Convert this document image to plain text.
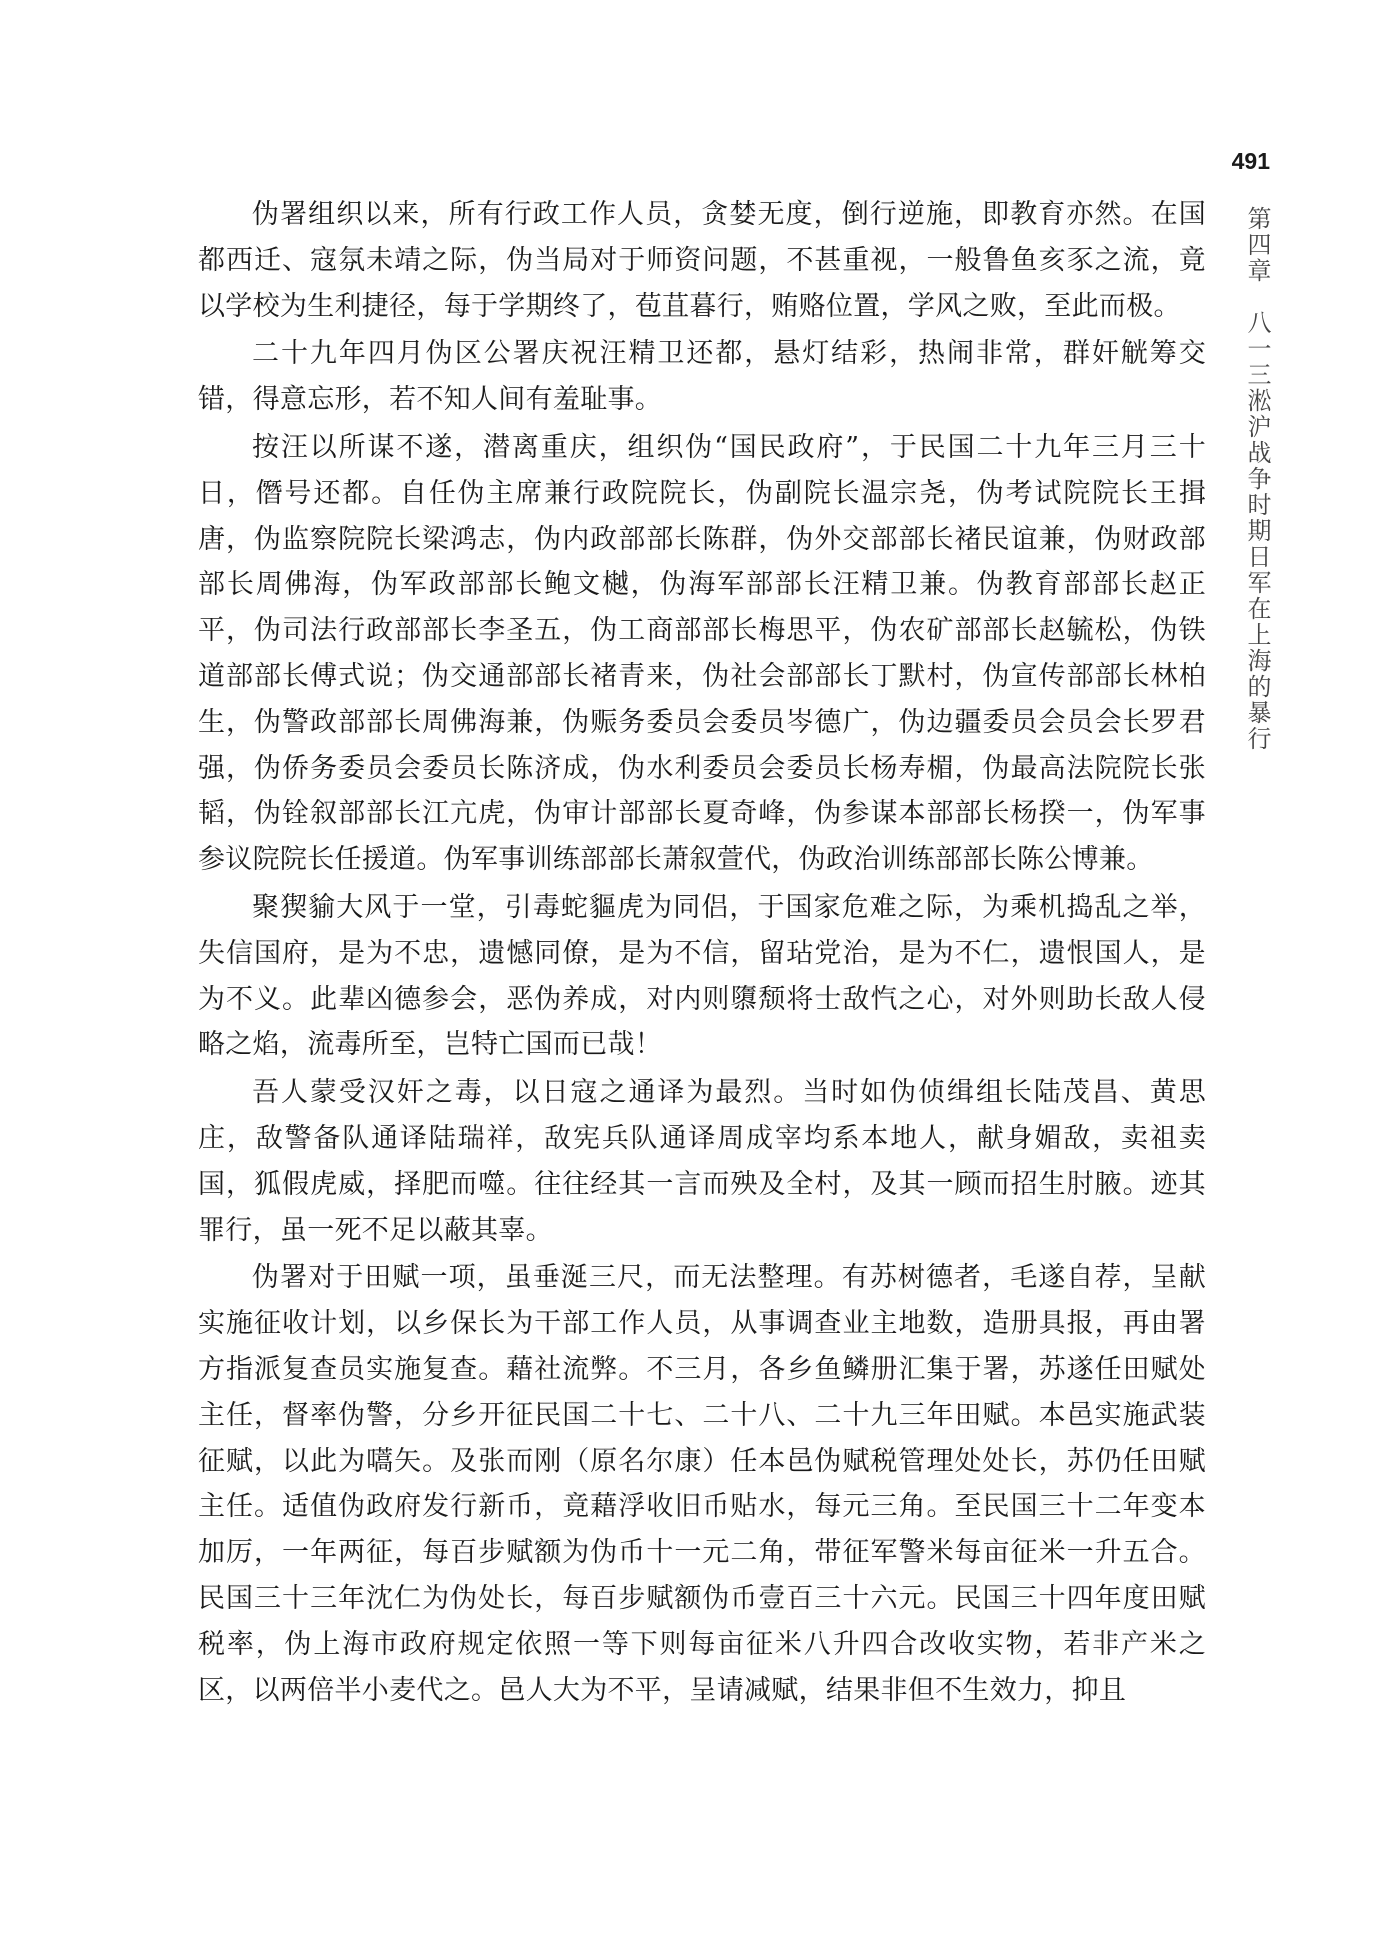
491
第四章八一三淞沪战争时期日军在上海的暴行

伪署组织以来，所有行政工作人员，贪婪无度，倒行逆施，即教育亦然。在国都西迁、寇氛未靖之际，伪当局对于师资问题，不甚重视，一般鲁鱼亥豕之流，竟以学校为生利捷径，每于学期终了，苞苴暮行，贿赂位置，学风之败，至此而极。

二十九年四月伪区公署庆祝汪精卫还都，悬灯结彩，热闹非常，群奸觥筹交错，得意忘形，若不知人间有羞耻事。

按汪以所谋不遂，潜离重庆，组织伪“国民政府”，于民国二十九年三月三十日，僭号还都。自任伪主席兼行政院院长，伪副院长温宗尧，伪考试院院长王揖唐，伪监察院院长梁鸿志，伪内政部部长陈群，伪外交部部长褚民谊兼，伪财政部部长周佛海，伪军政部部长鲍文樾，伪海军部部长汪精卫兼。伪教育部部长赵正平，伪司法行政部部长李圣五，伪工商部部长梅思平，伪农矿部部长赵毓松，伪铁道部部长傅式说；伪交通部部长褚青来，伪社会部部长丁默村，伪宣传部部长林柏生，伪警政部部长周佛海兼，伪赈务委员会委员岑德广，伪边疆委员会员会长罗君强，伪侨务委员会委员长陈济成，伪水利委员会委员长杨寿楣，伪最高法院院长张韬，伪铨叙部部长江亢虎，伪审计部部长夏奇峰，伪参谋本部部长杨揆一，伪军事参议院院长任援道。伪军事训练部部长萧叙萱代，伪政治训练部部长陈公博兼。

聚猰貐大风于一堂，引毒蛇貙虎为同侣，于国家危难之际，为乘机捣乱之举，失信国府，是为不忠，遗憾同僚，是为不信，留玷党治，是为不仁，遗恨国人，是为不义。此辈凶德参会，恶伪养成，对内则隳颓将士敌忾之心，对外则助长敌人侵略之焰，流毒所至，岂特亡国而已哉！

吾人蒙受汉奸之毒，以日寇之通译为最烈。当时如伪侦缉组长陆茂昌、黄思庄，敌警备队通译陆瑞祥，敌宪兵队通译周成宰均系本地人，献身媚敌，卖祖卖国，狐假虎威，择肥而噬。往往经其一言而殃及全村，及其一顾而招生肘腋。迹其罪行，虽一死不足以蔽其辜。

伪署对于田赋一项，虽垂涎三尺，而无法整理。有苏树德者，毛遂自荐，呈献实施征收计划，以乡保长为干部工作人员，从事调查业主地数，造册具报，再由署方指派复查员实施复查。藉社流弊。不三月，各乡鱼鳞册汇集于署，苏遂任田赋处主任，督率伪警，分乡开征民国二十七、二十八、二十九三年田赋。本邑实施武装征赋，以此为嚆矢。及张而刚（原名尔康）任本邑伪赋税管理处处长，苏仍任田赋主任。适值伪政府发行新币，竟藉浮收旧币贴水，每元三角。至民国三十二年变本加厉，一年两征，每百步赋额为伪币十一元二角，带征军警米每亩征米一升五合。民国三十三年沈仁为伪处长，每百步赋额伪币壹百三十六元。民国三十四年度田赋税率，伪上海市政府规定依照一等下则每亩征米八升四合改收实物，若非产米之区，以两倍半小麦代之。邑人大为不平，呈请减赋，结果非但不生效力，抑且
